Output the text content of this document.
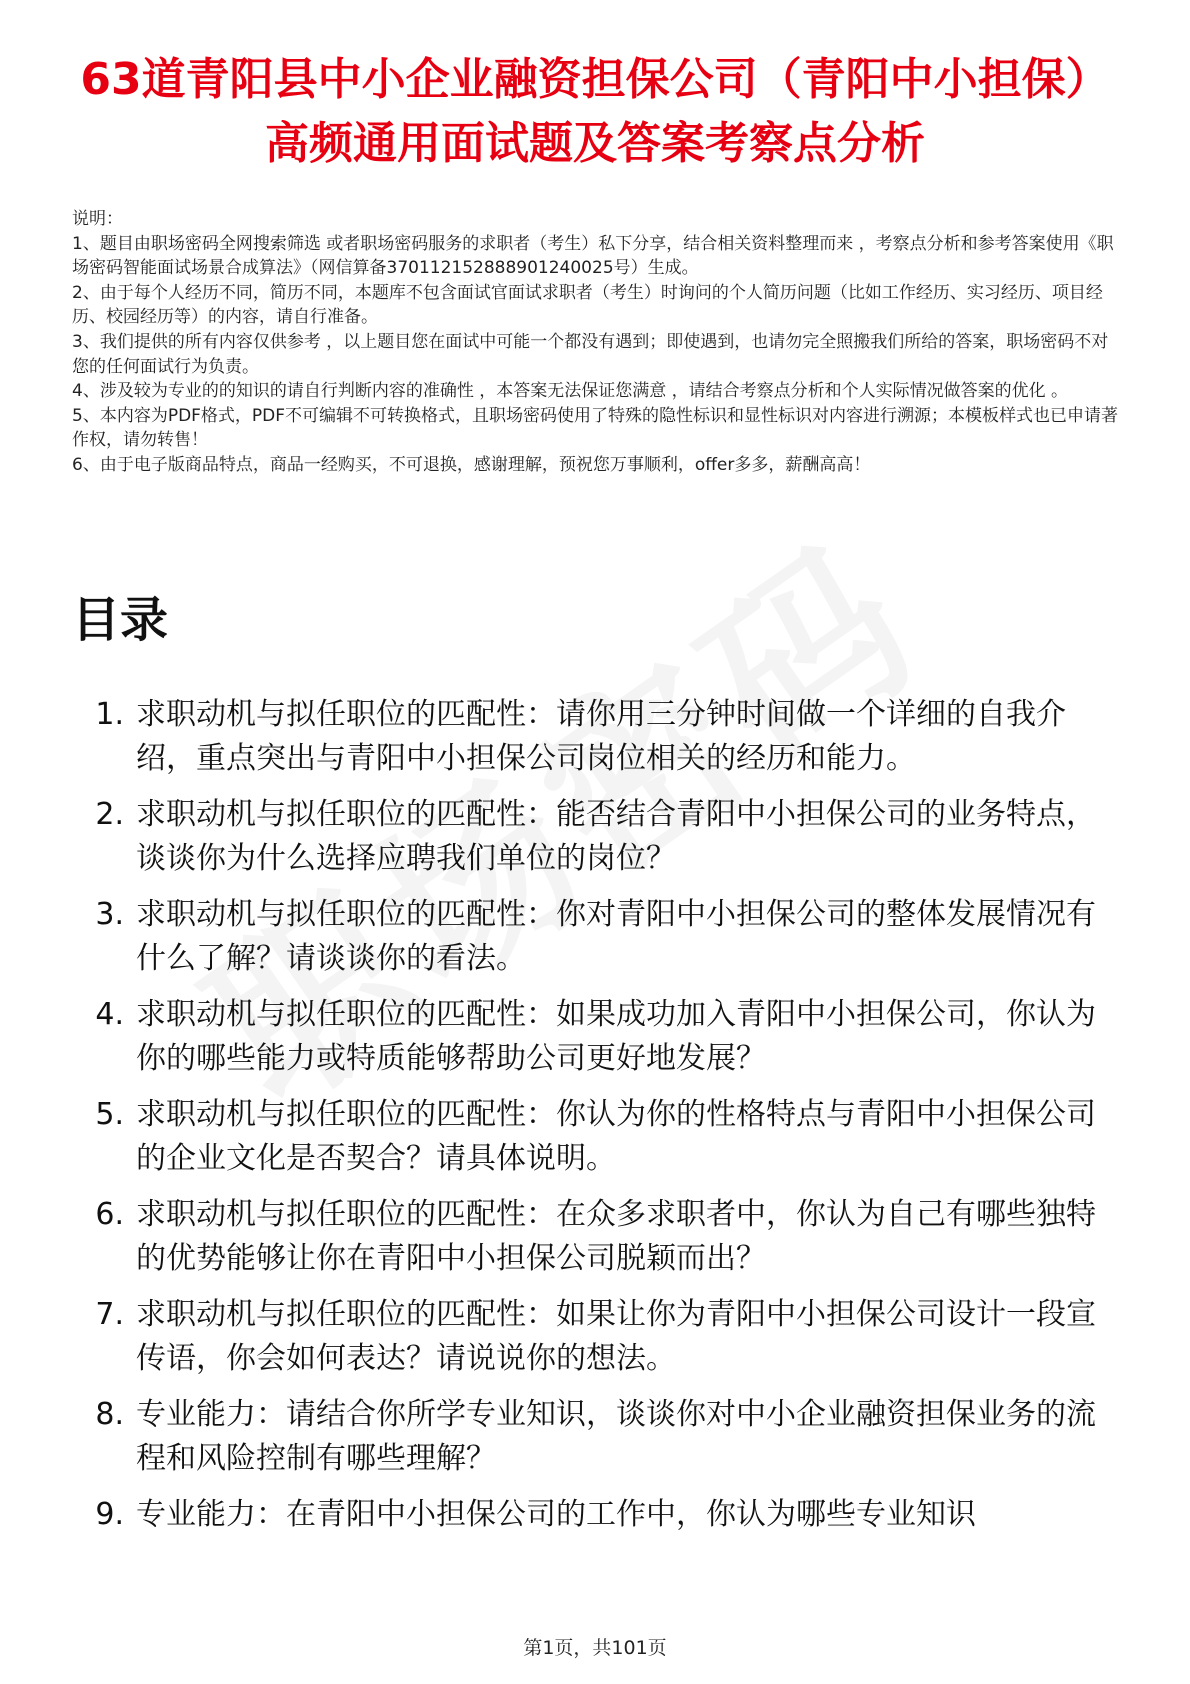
63道青阳县中小企业融资担保公司（青阳中小担保）高频通用面试题及答案考察点分析

说明：

1、题目由职场密码全网搜索筛选 或者职场密码服务的求职者（考生）私下分享，结合相关资料整理而来 ，考察点分析和参考答案使用《职场密码智能面试场景合成算法》（网信算备370112152888901240025号）生成。

2、由于每个人经历不同，简历不同，本题库不包含面试官面试求职者（考生）时询问的个人简历问题（比如工作经历、实习经历、项目经历、校园经历等）的内容，请自行准备。

3、我们提供的所有内容仅供参考 ，以上题目您在面试中可能一个都没有遇到；即使遇到，也请勿完全照搬我们所给的答案，职场密码不对您的任何面试行为负责。

4、涉及较为专业的的知识的请自行判断内容的准确性 ，本答案无法保证您满意 ，请结合考察点分析和个人实际情况做答案的优化 。

5、本内容为PDF格式，PDF不可编辑不可转换格式，且职场密码使用了特殊的隐性标识和显性标识对内容进行溯源；本模板样式也已申请著作权，请勿转售！

6、由于电子版商品特点，商品一经购买，不可退换，感谢理解，预祝您万事顺利，offer多多，薪酬高高！

目录
1. 求职动机与拟任职位的匹配性：请你用三分钟时间做一个详细的自我介绍，重点突出与青阳中小担保公司岗位相关的经历和能力。
2. 求职动机与拟任职位的匹配性：能否结合青阳中小担保公司的业务特点，谈谈你为什么选择应聘我们单位的岗位？
3. 求职动机与拟任职位的匹配性：你对青阳中小担保公司的整体发展情况有什么了解？请谈谈你的看法。
4. 求职动机与拟任职位的匹配性：如果成功加入青阳中小担保公司，你认为你的哪些能力或特质能够帮助公司更好地发展？
5. 求职动机与拟任职位的匹配性：你认为你的性格特点与青阳中小担保公司的企业文化是否契合？请具体说明。
6. 求职动机与拟任职位的匹配性：在众多求职者中，你认为自己有哪些独特的优势能够让你在青阳中小担保公司脱颖而出？
7. 求职动机与拟任职位的匹配性：如果让你为青阳中小担保公司设计一段宣传语，你会如何表达？请说说你的想法。
8. 专业能力：请结合你所学专业知识，谈谈你对中小企业融资担保业务的流程和风险控制有哪些理解？
9. 专业能力：在青阳中小担保公司的工作中，你认为哪些专业知识
第1页，共101页
